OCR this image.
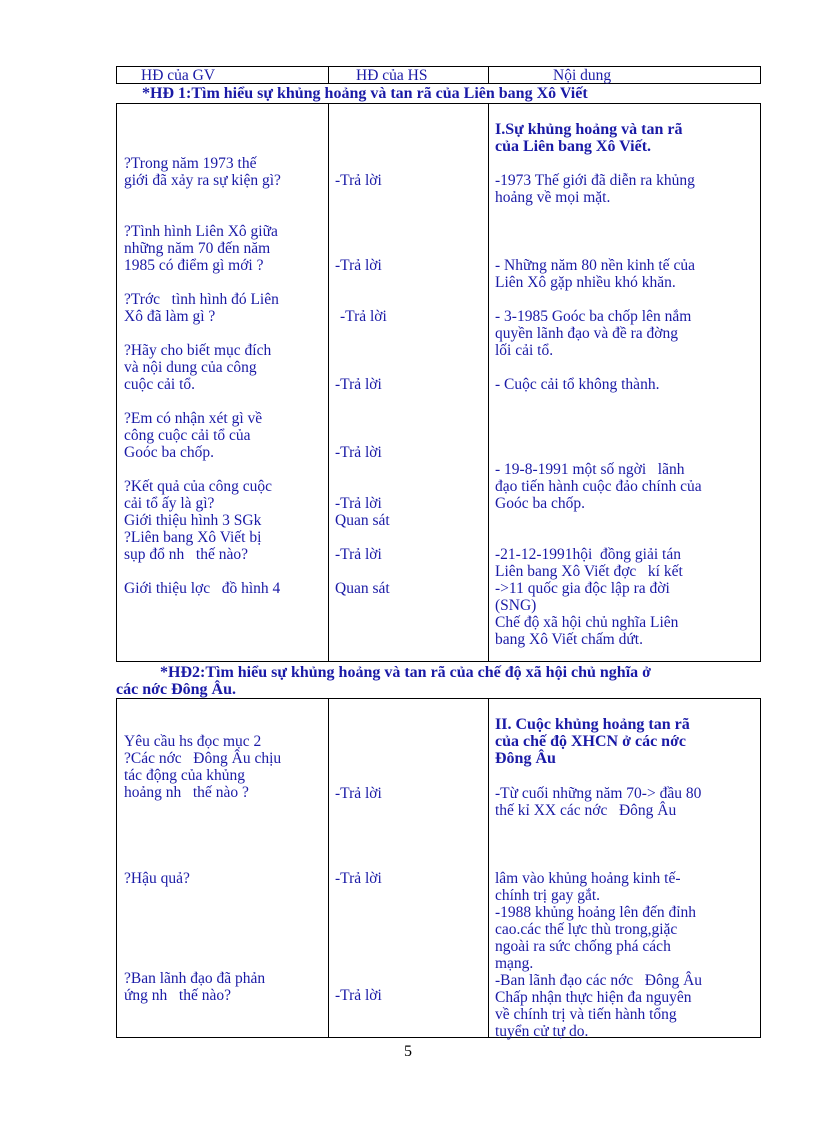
HĐ của GV	HĐ của HS	Nội dung
*HĐ 1:Tìm hiểu sự khủng hoảng và tan rã của Liên bang Xô Viết
?Trong năm 1973 thế
giới đã xảy ra sự kiện gì?
?Tình hình Liên Xô giữa
những năm 70 đến năm
1985 có điểm gì mới ?
?Trớc   tình hình đó Liên
Xô đã làm gì ?
?Hãy cho biết mục đích
và nội dung của công
cuộc cải tổ.
?Em có nhận xét gì về
công cuộc cải tổ của
Goóc ba chốp.
?Kết quả của công cuộc
cải tổ ấy là gì?
Giới thiệu hình 3 SGk
?Liên bang Xô Viết bị
sụp đổ nh   thế nào?
Giới thiệu lợc   đồ hình 4
-Trả lời
-Trả lời
-Trả lời
-Trả lời
-Trả lời
-Trả lời
Quan sát
-Trả lời
Quan sát
I.Sự khủng hoảng và tan rã
của Liên bang Xô Viết.
-1973 Thế giới đã diễn ra khủng
hoảng về mọi mặt.
- Những năm 80 nền kinh tế của
Liên Xô gặp nhiều khó khăn.
- 3-1985 Goóc ba chốp lên nắm
quyền lãnh đạo và đề ra đờng
lối cải tổ.
- Cuộc cải tổ không thành.
- 19-8-1991 một số ngời   lãnh
đạo tiến hành cuộc đảo chính của
Goóc ba chốp.
-21-12-1991hội  đồng giải tán
Liên bang Xô Viết đợc   kí kết
->11 quốc gia độc lập ra đời
(SNG)
Chế độ xã hội chủ nghĩa Liên
bang Xô Viết chấm dứt.
*HĐ2:Tìm hiểu sự khủng hoảng và tan rã của chế độ xã hội chủ nghĩa ở
các nớc Đông Âu.
Yêu cầu hs đọc mục 2
?Các nớc   Đông Âu chịu
tác động của khủng
hoảng nh   thế nào ?
?Hậu quả?
?Ban lãnh đạo đã phản
ứng nh   thế nào?
-Trả lời
-Trả lời
-Trả lời
II. Cuộc khủng hoảng tan rã
của chế độ XHCN ở các nớc
Đông Âu
-Từ cuối những năm 70-> đầu 80
thế kỉ XX các nớc   Đông Âu
lâm vào khủng hoảng kinh tế-
chính trị gay gắt.
-1988 khủng hoảng lên đến đỉnh
cao.các thế lực thù trong,giặc
ngoài ra sức chống phá cách
mạng.
-Ban lãnh đạo các nớc   Đông Âu
Chấp nhận thực hiện đa nguyên
về chính trị và tiến hành tổng
tuyển cử tự do.
5
